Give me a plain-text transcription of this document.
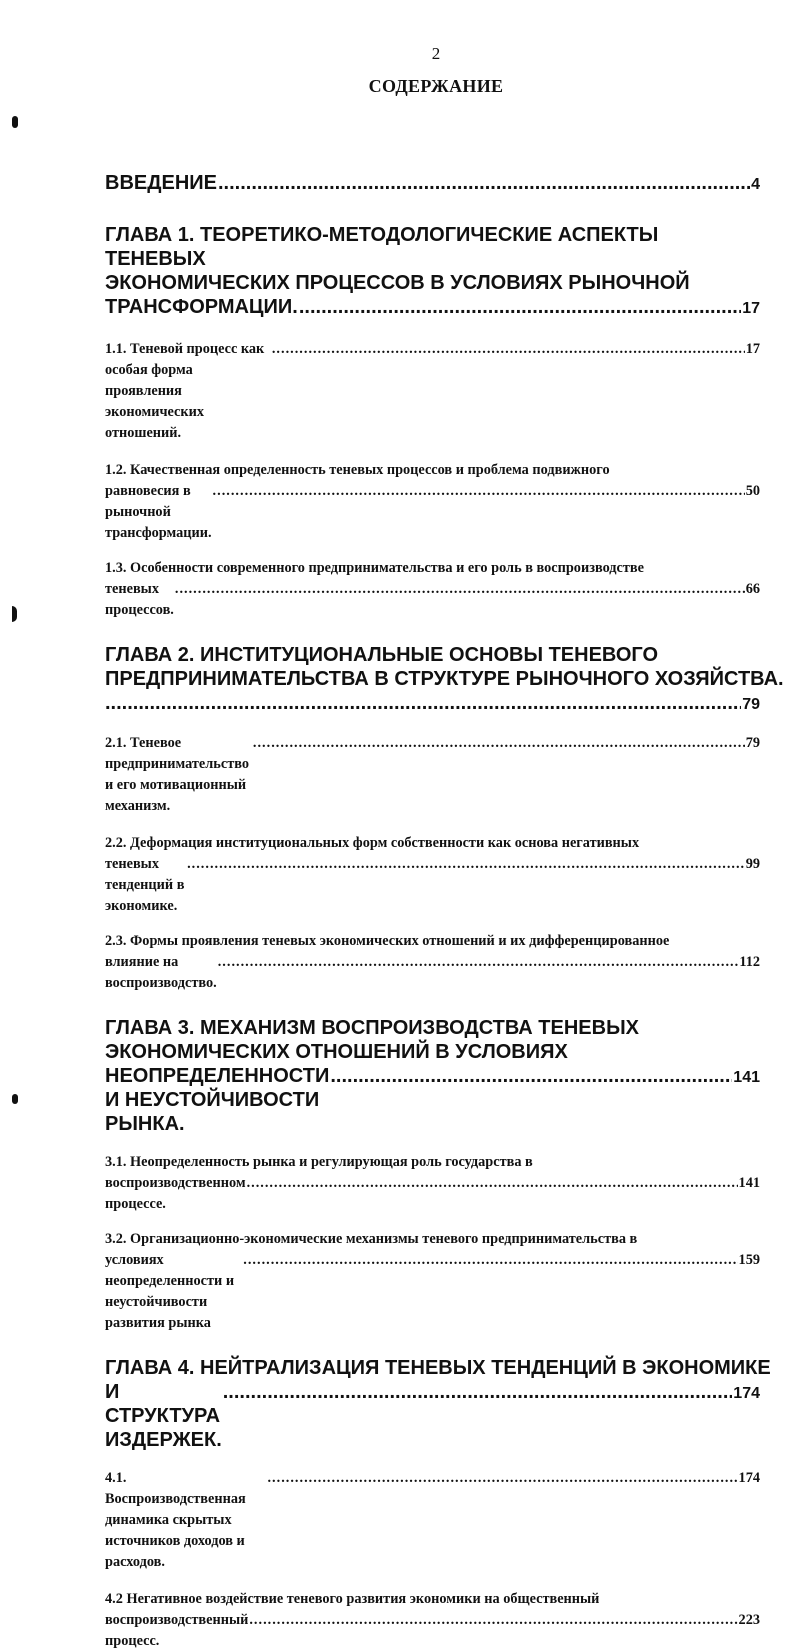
2
СОДЕРЖАНИЕ
ВВЕДЕНИЕ .....	4
ГЛАВА 1. ТЕОРЕТИКО-МЕТОДОЛОГИЧЕСКИЕ АСПЕКТЫ ТЕНЕВЫХ
ЭКОНОМИЧЕСКИХ ПРОЦЕССОВ В УСЛОВИЯХ РЫНОЧНОЙ
ТРАНСФОРМАЦИИ. .....	17
1.1. Теневой процесс как особая форма проявления экономических отношений.
.....
17
1.2. Качественная определенность теневых процессов и проблема подвижного
равновесия в рыночной трансформации.
.....
50
1.3. Особенности современного предпринимательства и его роль в воспроизводстве
теневых процессов.
.....
66
ГЛАВА 2. ИНСТИТУЦИОНАЛЬНЫЕ ОСНОВЫ ТЕНЕВОГО
ПРЕДПРИНИМАТЕЛЬСТВА В СТРУКТУРЕ РЫНОЧНОГО ХОЗЯЙСТВА.
.....
79
2.1. Теневое предпринимательство и его мотивационный механизм.
.....
79
2.2. Деформация институциональных форм собственности как основа негативных
теневых тенденций в экономике.
.....
99
2.3. Формы проявления теневых экономических отношений и их дифференцированное
влияние на воспроизводство.
.....
112
ГЛАВА 3. МЕХАНИЗМ ВОСПРОИЗВОДСТВА ТЕНЕВЫХ
ЭКОНОМИЧЕСКИХ ОТНОШЕНИЙ В УСЛОВИЯХ
НЕОПРЕДЕЛЕННОСТИ И НЕУСТОЙЧИВОСТИ РЫНКА.
.....
141
3.1. Неопределенность рынка и регулирующая роль государства в
воспроизводственном процессе.
.....
141
3.2. Организационно-экономические механизмы теневого предпринимательства в
условиях неопределенности и неустойчивости развития рынка
.....
159
ГЛАВА 4. НЕЙТРАЛИЗАЦИЯ ТЕНЕВЫХ ТЕНДЕНЦИЙ В ЭКОНОМИКЕ
И СТРУКТУРА ИЗДЕРЖЕК.
.....
174
4.1. Воспроизводственная динамика скрытых источников доходов и расходов.
.....
174
4.2 Негативное воздействие теневого развития экономики на общественный
воспроизводственный процесс.
.....
223
